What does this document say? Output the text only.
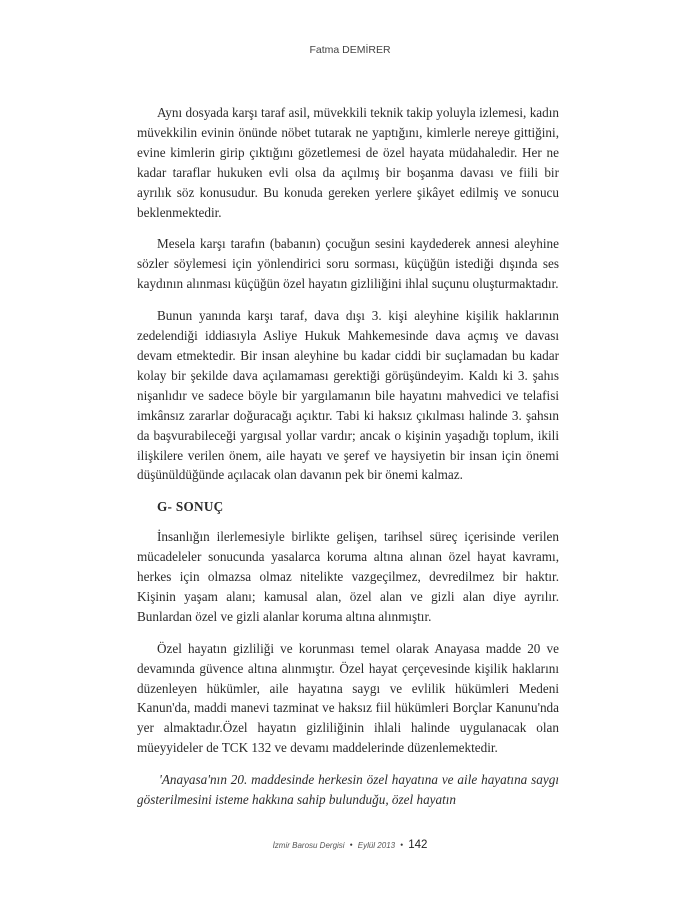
Fatma DEMİRER

Aynı dosyada karşı taraf asil, müvekkili teknik takip yoluyla izlemesi, kadın müvekkilin evinin önünde nöbet tutarak ne yaptığını, kimlerle nereye gittiğini, evine kimlerin girip çıktığını gözetlemesi de özel hayata müdahaledir. Her ne kadar taraflar hukuken evli olsa da açılmış bir boşanma davası ve fiili bir ayrılık söz konusudur. Bu konuda gereken yerlere şikâyet edilmiş ve sonucu beklenmektedir.

Mesela karşı tarafın (babanın) çocuğun sesini kaydederek annesi aleyhine sözler söylemesi için yönlendirici soru sorması, küçüğün istediği dışında ses kaydının alınması küçüğün özel hayatın gizliliğini ihlal suçunu oluşturmaktadır.

Bunun yanında karşı taraf, dava dışı 3. kişi aleyhine kişilik haklarının zedelendiği iddiasıyla Asliye Hukuk Mahkemesinde dava açmış ve davası devam etmektedir. Bir insan aleyhine bu kadar ciddi bir suçlamadan bu kadar kolay bir şekilde dava açılamaması gerektiği görüşündeyim. Kaldı ki 3. şahıs nişanlıdır ve sadece böyle bir yargılamanın bile hayatını mahvedici ve telafisi imkânsız zararlar doğuracağı açıktır. Tabi ki haksız çıkılması halinde 3. şahsın da başvurabileceği yargısal yollar vardır; ancak o kişinin yaşadığı toplum, ikili ilişkilere verilen önem, aile hayatı ve şeref ve haysiyetin bir insan için önemi düşünüldüğünde açılacak olan davanın pek bir önemi kalmaz.

G- SONUÇ

İnsanlığın ilerlemesiyle birlikte gelişen, tarihsel süreç içerisinde verilen mücadeleler sonucunda yasalarca koruma altına alınan özel hayat kavramı, herkes için olmazsa olmaz nitelikte vazgeçilmez, devredilmez bir haktır. Kişinin yaşam alanı; kamusal alan, özel alan ve gizli alan diye ayrılır. Bunlardan özel ve gizli alanlar koruma altına alınmıştır.

Özel hayatın gizliliği ve korunması temel olarak Anayasa madde 20 ve devamında güvence altına alınmıştır. Özel hayat çerçevesinde kişilik haklarını düzenleyen hükümler, aile hayatına saygı ve evlilik hükümleri Medeni Kanun'da, maddi manevi tazminat ve haksız fiil hükümleri Borçlar Kanunu'nda yer almaktadır.Özel hayatın gizliliğinin ihlali halinde uygulanacak olan müeyyideler de TCK 132 ve devamı maddelerinde düzenlemektedir.

'Anayasa'nın 20. maddesinde herkesin özel hayatına ve aile hayatına saygı gösterilmesini isteme hakkına sahip bulunduğu, özel hayatın

İzmir Barosu Dergisi • Eylül 2013 • 142
